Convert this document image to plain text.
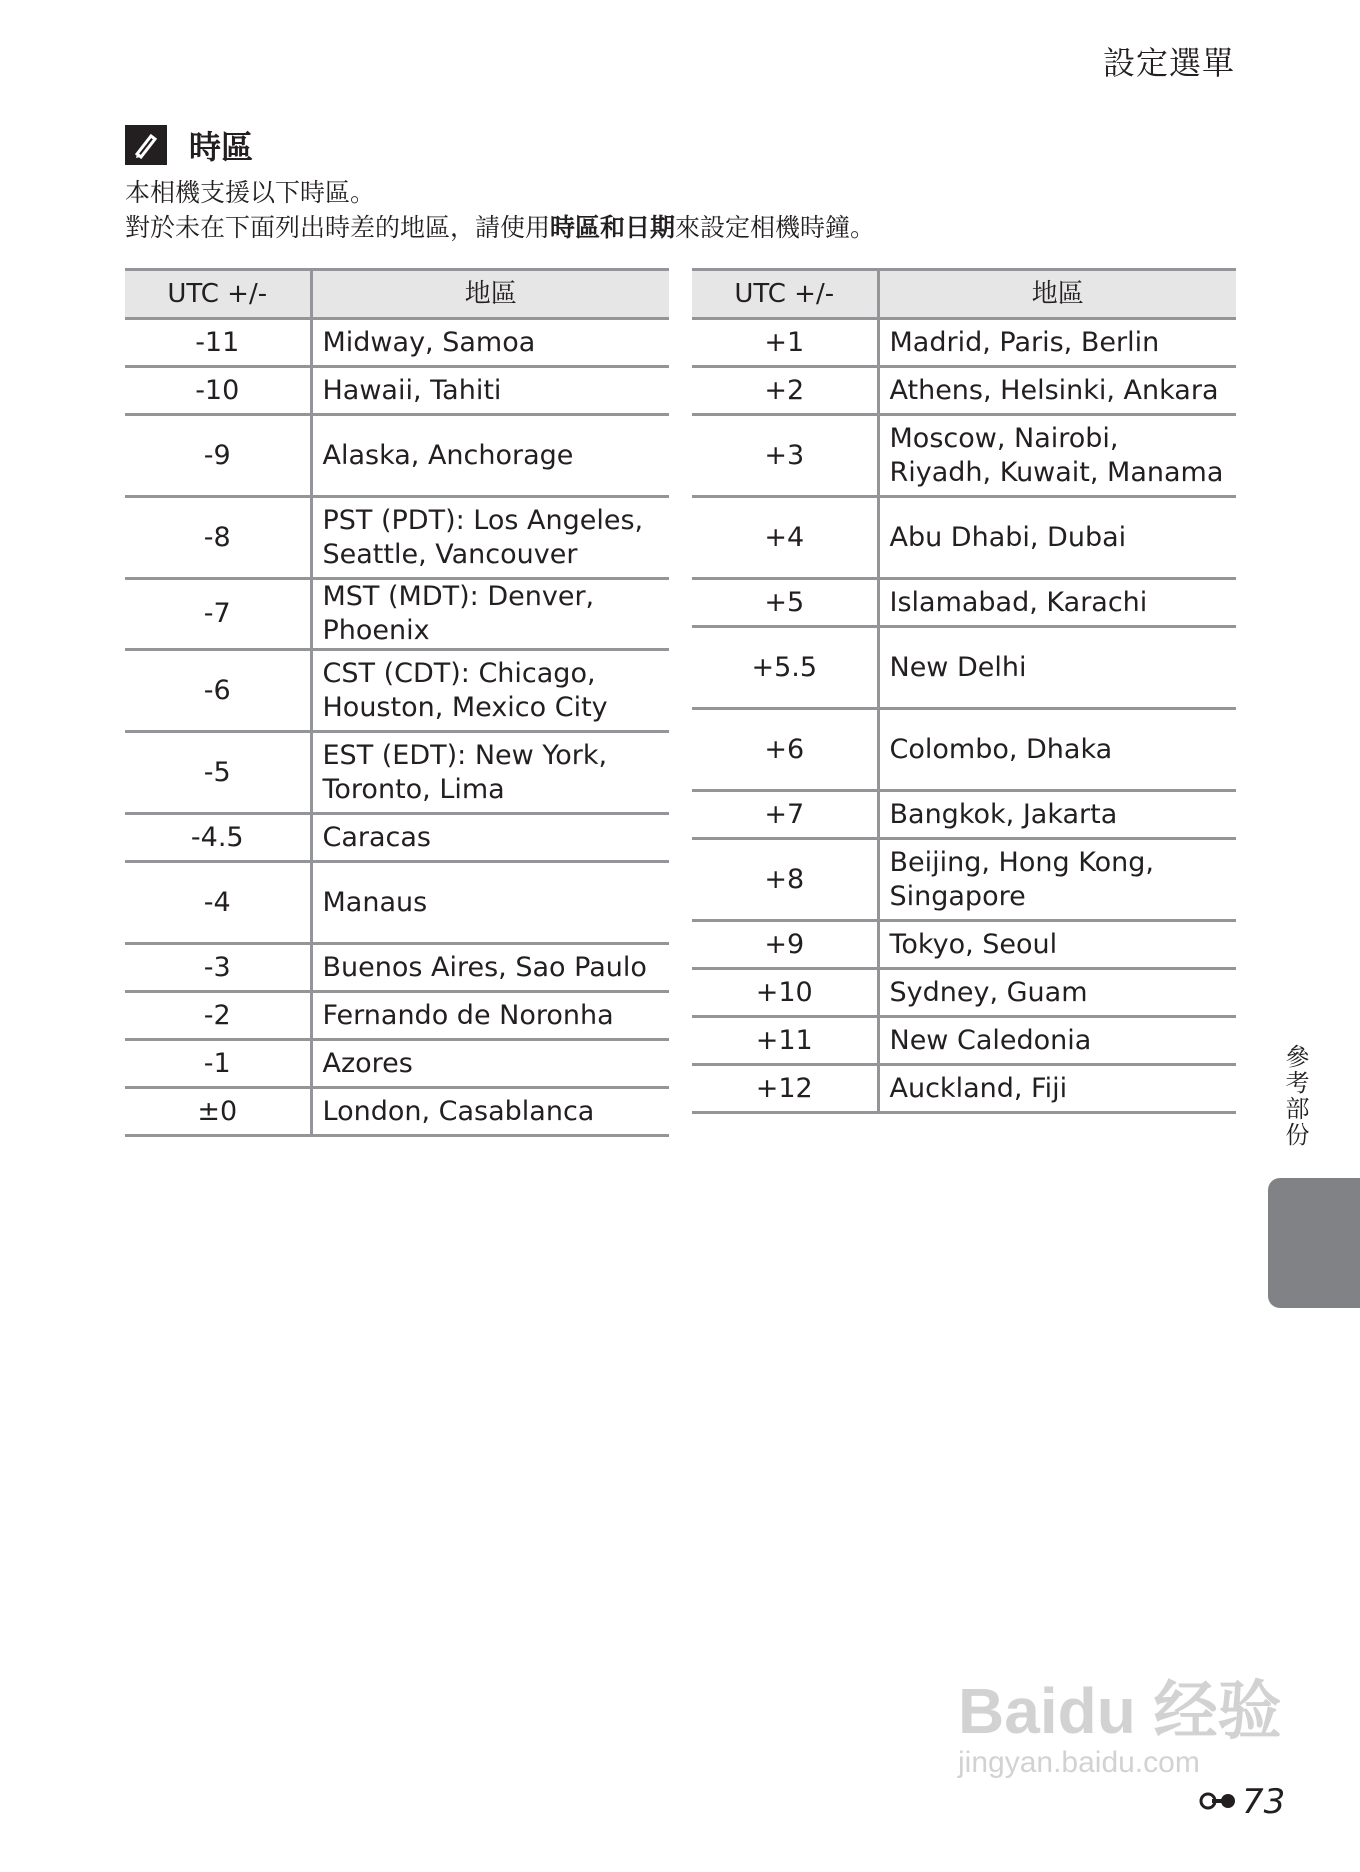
設定選單
時區
本相機支援以下時區。
對於未在下面列出時差的地區，請使用時區和日期來設定相機時鐘。
UTC +/-	地區
-11	Midway, Samoa
-10	Hawaii, Tahiti
-9	Alaska, Anchorage
-8	PST (PDT): Los Angeles, Seattle, Vancouver
-7	MST (MDT): Denver, Phoenix
-6	CST (CDT): Chicago, Houston, Mexico City
-5	EST (EDT): New York, Toronto, Lima
-4.5	Caracas
-4	Manaus
-3	Buenos Aires, Sao Paulo
-2	Fernando de Noronha
-1	Azores
±0	London, Casablanca
UTC +/-	地區
+1	Madrid, Paris, Berlin
+2	Athens, Helsinki, Ankara
+3	Moscow, Nairobi, Riyadh, Kuwait, Manama
+4	Abu Dhabi, Dubai
+5	Islamabad, Karachi
+5.5	New Delhi
+6	Colombo, Dhaka
+7	Bangkok, Jakarta
+8	Beijing, Hong Kong, Singapore
+9	Tokyo, Seoul
+10	Sydney, Guam
+11	New Caledonia
+12	Auckland, Fiji	參考部份
Baidu 经验
jingyan.baidu.com
73
